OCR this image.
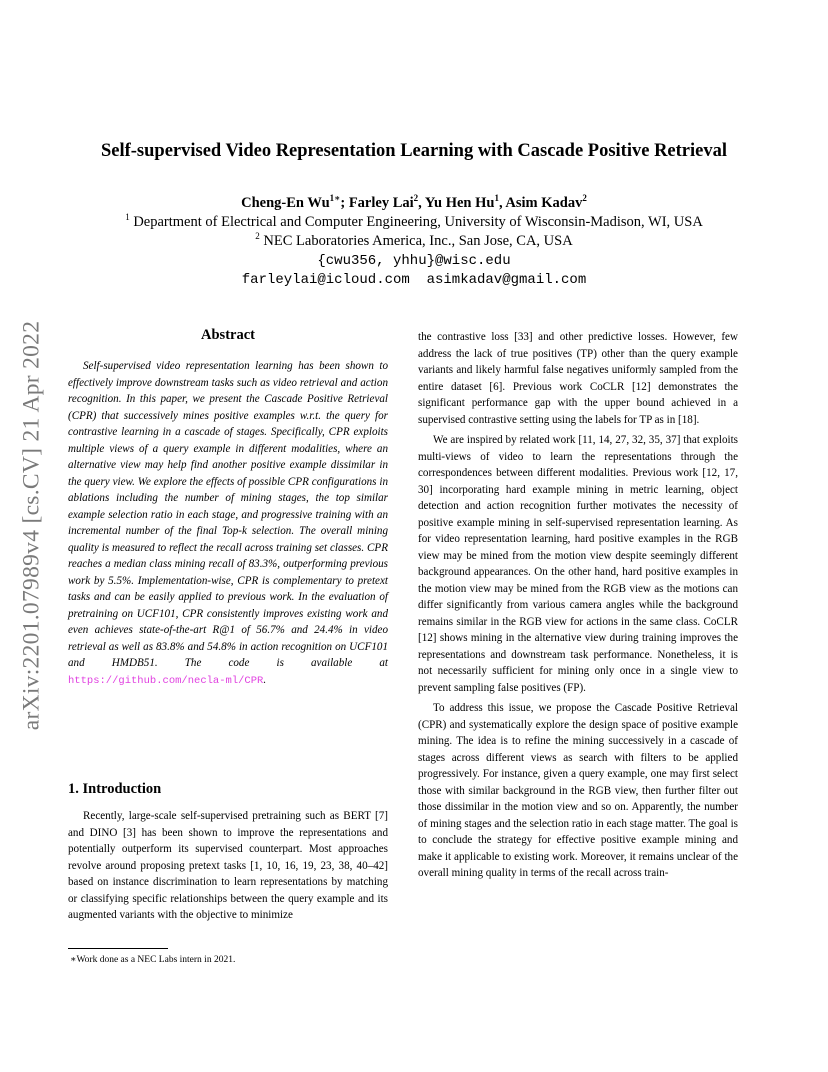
arXiv:2201.07989v4 [cs.CV] 21 Apr 2022
Self-supervised Video Representation Learning with Cascade Positive Retrieval
Cheng-En $Wu^{1∗}$; Farley Lai$^2$, Yu Hen Hu$^1$, Asim Kadav$^2$
$^1$ Department of Electrical and Computer Engineering, University of Wisconsin-Madison, WI, USA
$^2$ NEC Laboratories America, Inc., San Jose, CA, USA
{cwu356, yhhu}@wisc.edu
farleylai@icloud.com  asimkadav@gmail.com
Abstract
Self-supervised video representation learning has been shown to effectively improve downstream tasks such as video retrieval and action recognition. In this paper, we present the Cascade Positive Retrieval (CPR) that successively mines positive examples w.r.t. the query for contrastive learning in a cascade of stages. Specifically, CPR exploits multiple views of a query example in different modalities, where an alternative view may help find another positive example dissimilar in the query view. We explore the effects of possible CPR configurations in ablations including the number of mining stages, the top similar example selection ratio in each stage, and progressive training with an incremental number of the final Top-k selection. The overall mining quality is measured to reflect the recall across training set classes. CPR reaches a median class mining recall of 83.3%, outperforming previous work by 5.5%. Implementation-wise, CPR is complementary to pretext tasks and can be easily applied to previous work. In the evaluation of pretraining on UCF101, CPR consistently improves existing work and even achieves state-of-the-art R@1 of 56.7% and 24.4% in video retrieval as well as 83.8% and 54.8% in action recognition on UCF101 and HMDB51. The code is available at https://github.com/necla-ml/CPR.
1. Introduction
Recently, large-scale self-supervised pretraining such as BERT [7] and DINO [3] has been shown to improve the representations and potentially outperform its supervised counterpart. Most approaches revolve around proposing pretext tasks [1, 10, 16, 19, 23, 38, 40–42] based on instance discrimination to learn representations by matching or classifying specific relationships between the query example and its augmented variants with the objective to minimize
∗Work done as a NEC Labs intern in 2021.

the contrastive loss [33] and other predictive losses. However, few address the lack of true positives (TP) other than the query example variants and likely harmful false negatives uniformly sampled from the entire dataset [6]. Previous work CoCLR [12] demonstrates the significant performance gap with the upper bound achieved in a supervised contrastive setting using the labels for TP as in [18].

We are inspired by related work [11, 14, 27, 32, 35, 37] that exploits multi-views of video to learn the representations through the correspondences between different modalities. Previous work [12, 17, 30] incorporating hard example mining in metric learning, object detection and action recognition further motivates the necessity of positive example mining in self-supervised representation learning. As for video representation learning, hard positive examples in the RGB view may be mined from the motion view despite seemingly different background appearances. On the other hand, hard positive examples in the motion view may be mined from the RGB view as the motions can differ significantly from various camera angles while the background remains similar in the RGB view for actions in the same class. CoCLR [12] shows mining in the alternative view during training improves the representations and downstream task performance. Nonetheless, it is not necessarily sufficient for mining only once in a single view to prevent sampling false positives (FP).

To address this issue, we propose the Cascade Positive Retrieval (CPR) and systematically explore the design space of positive example mining. The idea is to refine the mining successively in a cascade of stages across different views as search with filters to be applied progressively. For instance, given a query example, one may first select those with similar background in the RGB view, then further filter out those dissimilar in the motion view and so on. Apparently, the number of mining stages and the selection ratio in each stage matter. The goal is to conclude the strategy for effective positive example mining and make it applicable to existing work. Moreover, it remains unclear of the overall mining quality in terms of the recall across train-
